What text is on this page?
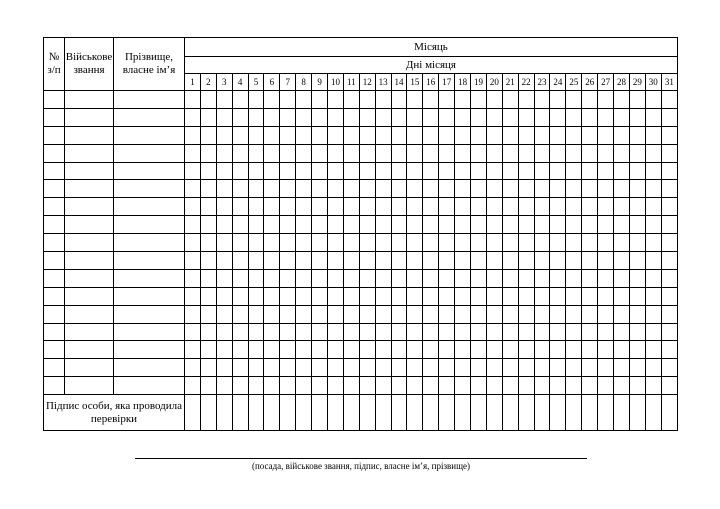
№ з/п	Військове звання	Прізвище, власне ім’я	Місяць																														
			Дні місяця																														
			1	2	3	4	5	6	7	8	9	10	11	12	13	14	15	16	17	18	19	20	21	22	23	24	25	26	27	28	29	30	31

Підпис особи, яка проводила перевірки																																	
(посада, військове звання, підпис, власне ім’я, прізвище)
